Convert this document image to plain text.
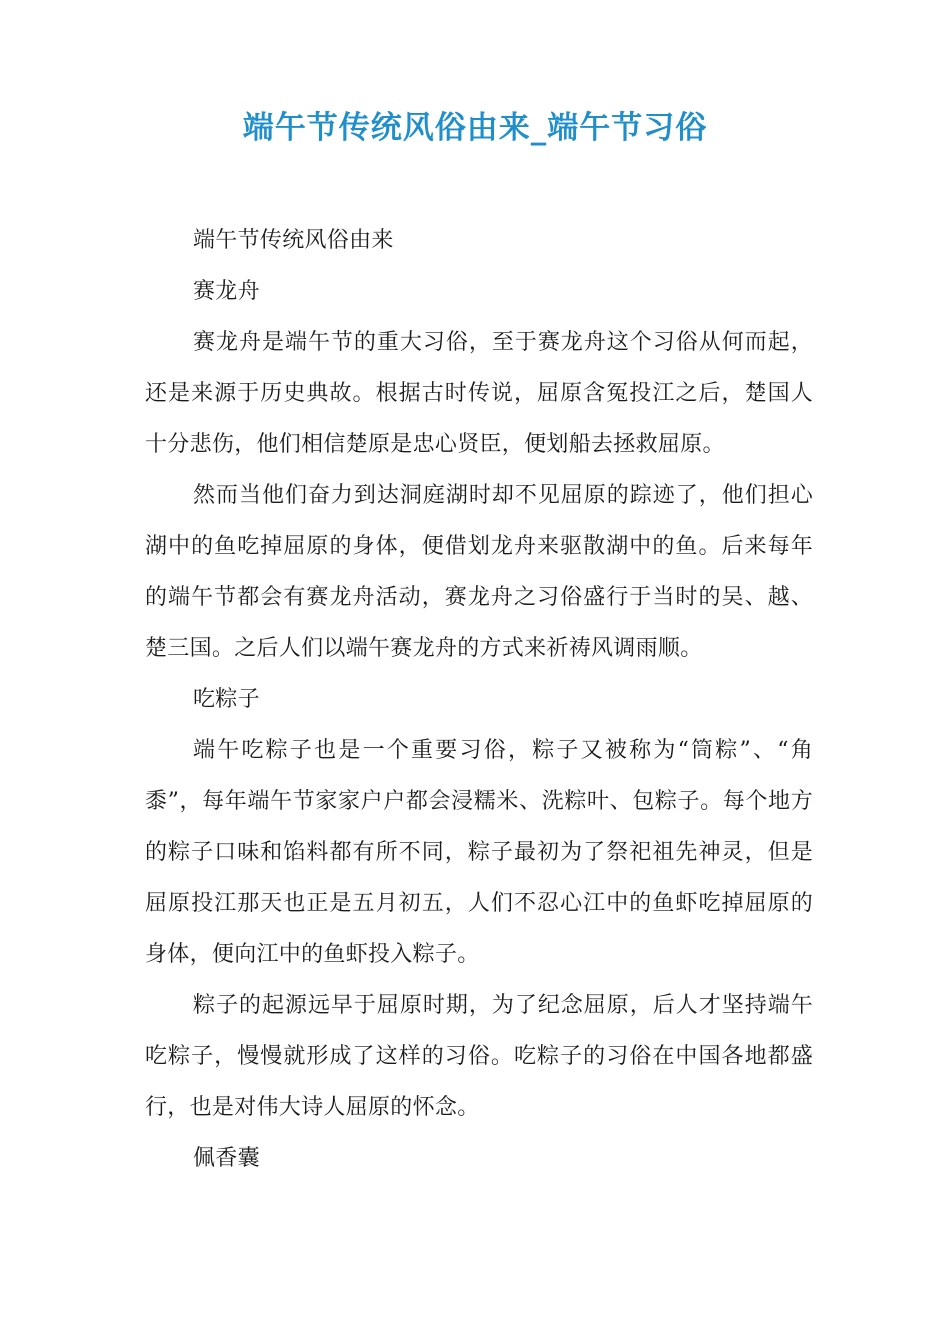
端午节传统风俗由来_端午节习俗

端午节传统风俗由来

赛龙舟

赛龙舟是端午节的重大习俗，至于赛龙舟这个习俗从何而起，还是来源于历史典故。根据古时传说，屈原含冤投江之后，楚国人十分悲伤，他们相信楚原是忠心贤臣，便划船去拯救屈原。

然而当他们奋力到达洞庭湖时却不见屈原的踪迹了，他们担心湖中的鱼吃掉屈原的身体，便借划龙舟来驱散湖中的鱼。后来每年的端午节都会有赛龙舟活动，赛龙舟之习俗盛行于当时的吴、越、楚三国。之后人们以端午赛龙舟的方式来祈祷风调雨顺。

吃粽子

端午吃粽子也是一个重要习俗，粽子又被称为“筒粽”、“角黍”，每年端午节家家户户都会浸糯米、洗粽叶、包粽子。每个地方的粽子口味和馅料都有所不同，粽子最初为了祭祀祖先神灵，但是屈原投江那天也正是五月初五，人们不忍心江中的鱼虾吃掉屈原的身体，便向江中的鱼虾投入粽子。

粽子的起源远早于屈原时期，为了纪念屈原，后人才坚持端午吃粽子，慢慢就形成了这样的习俗。吃粽子的习俗在中国各地都盛行，也是对伟大诗人屈原的怀念。

佩香囊
